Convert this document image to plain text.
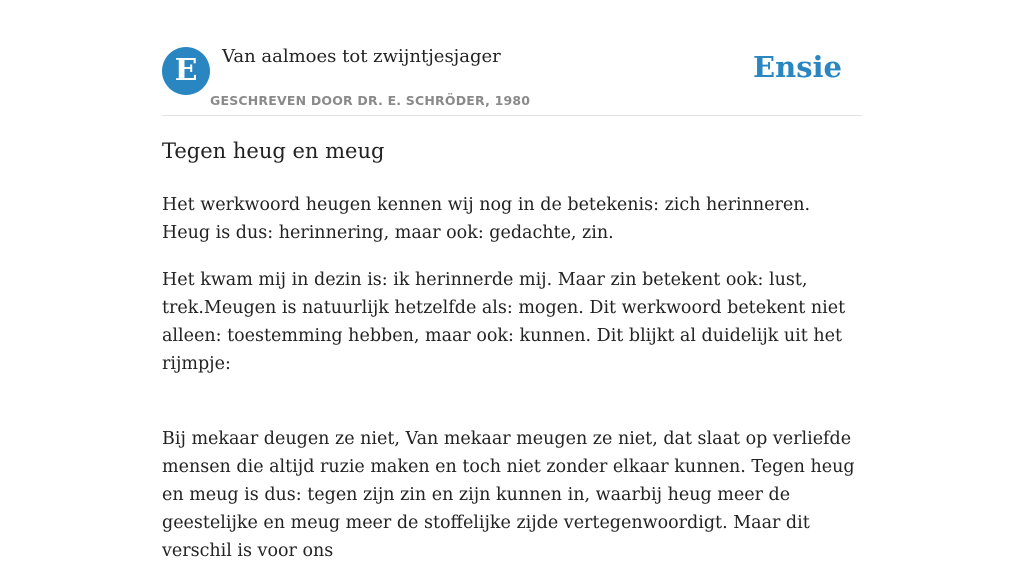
E	Van aalmoes tot zwijntjesjager
GESCHREVEN DOOR DR. E. SCHRÖDER, 1980
Ensie
Tegen heug en meug

Het werkwoord heugen kennen wij nog in de betekenis: zich herinneren. Heug is dus: herinnering, maar ook: gedachte, zin.

Het kwam mij in dezin is: ik herinnerde mij. Maar zin betekent ook: lust, trek.Meugen is natuurlijk hetzelfde als: mogen. Dit werkwoord betekent niet alleen: toestemming hebben, maar ook: kunnen. Dit blijkt al duidelijk uit het rijmpje:

Bij mekaar deugen ze niet, Van mekaar meugen ze niet, dat slaat op verliefde mensen die altijd ruzie maken en toch niet zonder elkaar kunnen. Tegen heug en meug is dus: tegen zijn zin en zijn kunnen in, waarbij heug meer de geestelijke en meug meer de stoffelijke zijde vertegenwoordigt. Maar dit verschil is voor ons
